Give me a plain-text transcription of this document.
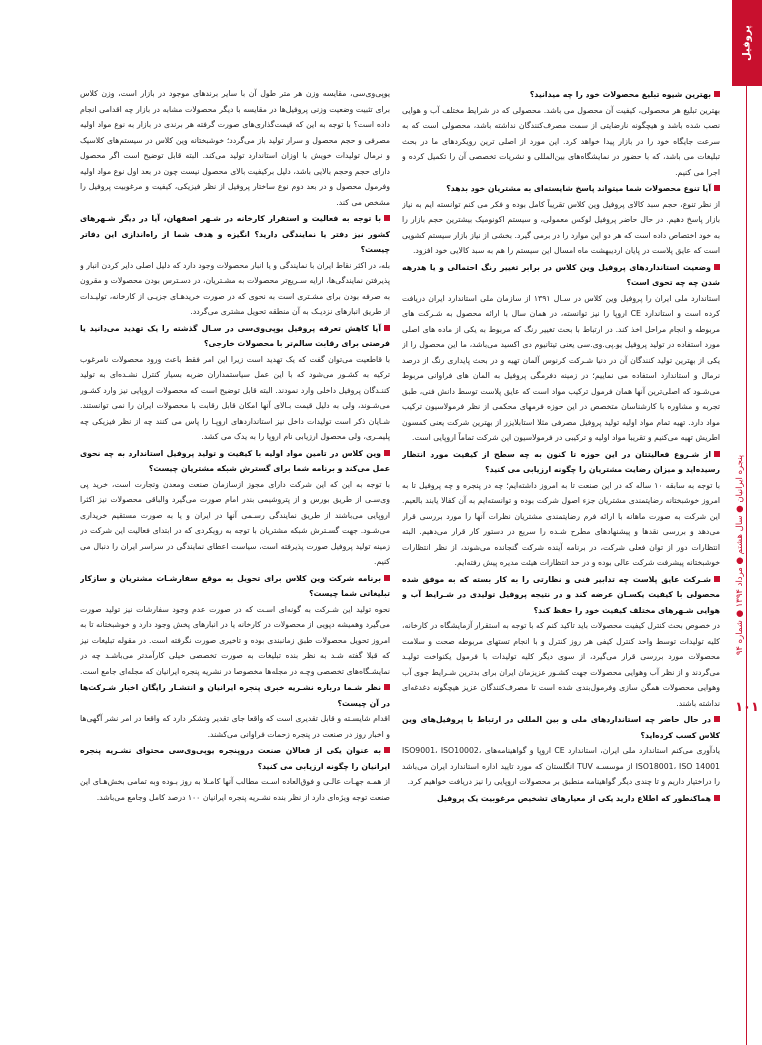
پروفیل
پنجره ایرانیان ● سال هشتم ● مرداد ۱۳۹۴ ● شماره ۹۴
۱۰۱
بهترین شیوه تبلیغ محصولات خود را چه میدانید؟
بهترین تبلیغ هر محصولی، کیفیت آن محصول می باشد. محصولی که در شرایط مختلف آب و هوایی نصب شده باشد و هیچگونه نارضایتی از سمت مصرف‌کنندگان نداشته باشد، محصولی است که به سرعت جایگاه خود را در بازار پیدا خواهد کرد. این مورد از اصلی ترین رویکردهای ما در بحث تبلیغات می باشد، که با حضور در نمایشگاه‌های بین‌المللی و نشریات تخصصی آن را تکمیل کرده و اجرا می کنیم.
آیا تنوع محصولات شما میتواند پاسخ شایسته‌ای به مشتریان خود بدهد؟
از نظر تنوع، حجم سبد کالای پروفیل وین کلاس تقریباً کامل بوده و فکر می کنم توانسته ایم به نیاز بازار پاسخ دهیم. در حال حاضر پروفیل لوکس معمولی، و سیستم اکونومیک بیشترین حجم بازار را به خود اختصاص داده است که هر دو این موارد را در برمی گیرد. بخشی از نیاز بازار سیستم کشویی است که عایق پلاست در پایان اردیبهشت ماه امسال این سیستم را هم به سبد کالایی خود افزود.
وضعیت استانداردهای پروفیل وین کلاس در برابر تغییر رنگ احتمالی و یا هدرهه شدن چه چه تحوی است؟
استاندارد ملی ایران را پروفیل وین کلاس در سـال ۱۳۹۱ از سازمان ملی استاندارد ایران دریافت کرده است و استاندارد CE اروپا را نیز توانسته، در همان سال با ارائه محصول به شـرکت های مربوطه و انجام مراحل اخذ کند. در ارتباط با بحث تغییر رنگ که مربوط به یکی از ماده های اصلی مورد استفاده در تولید پروفیل یو.پی.وی.سی یعنی تیتانیوم دی اکسید می‌باشد، ما این محصول را از یکی از بهترین تولید کنندگان آن در دنیا شـرکت کرنوس آلمان تهیه و در بحث پایداری رنگ از درصد نرمال و استاندارد استفاده می نماییم؛ در زمینه دفرمگی پروفیل به المان های فراوانی مربوط می‌شـود که اصلی‌ترین آنها همان فرمول ترکیب مواد است که عایق پلاست توسط دانش فنی، طبق تجربه و مشاوره با کارشناسان متخصص در این حوزه فرمهای محکمی از نظر فرمولاسیون ترکیب مواد دارد. تهیه تمام مواد اولیه تولید پروفیل مصرفی مثلا استابلایزر از بهترین شرکت یعنی کمسون اطریش تهیه می‌کنیم و تقریبا مواد اولیه و ترکیبی در فرمولاسیون این شرکت تماماً اروپایی است.
از شـروع فعالیتتان در این حوزه تا کنون به چه سطح از کیفیت مورد انتظار رسیده‌اید و میزان رضایت مشتریان را چگونه ارزیابی می کنید؟
با توجه به سابقه ۱۰ ساله که در این صنعت تا به امروز داشته‌ایم؛ چه در پنجره و چه پروفیل تا به امروز خوشبختانه رضایتمندی مشتریان جزء اصول شرکت بوده و توانسته‌ایم به آن کفالا یابند بالعیم. این شرکت به صورت ماهانه با ارائه فرم رضایتمندی مشتریان نظرات آنها را مورد بررسی قرار می‌دهد و بررسی نقدها و پیشنهادهای مطرح شـده را سریع در دستور کار قرار می‌دهیم. البته انتظارات دور از توان فعلی شرکت، در برنامه آینده شرکت گنجانده می‌شوند، از نظر انتظارات خوشبختانه پیشرفت شرکت عالی بوده و در حد انتظارات هیئت مدیره پیش رفته‌ایم.
شـرکت عایق پلاست چه تدابیر فنی و نظارتی را به کار بسته که به موفق شده محصولی با کیفیت یکسـان عرضه کند و در نتیجه پروفیل تولیدی در شـرایط آب و هوایی شـهرهای مختلف کیفیت خود را حفظ کند؟
در خصوص بحث کنترل کیفیت محصولات باید تاکید کنم که با توجه به استقرار آزمایشگاه در کارخانه، کلیه تولیدات توسط واحد کنترل کیفی هر روز کنترل و با انجام تستهای مربوطه صحت و سلامت محصولات مورد بررسی قرار می‌گیرد، از سوی دیگر کلیه تولیدات با فرمول یکنواخت تولیـد می‌گردند و از نظر آب وهوایی محصولات جهت کشـور عزیزمان ایران برای بدترین شـرایط جوی آب وهوایی محصولات همگن سازی وفرمول‌بندی شده است تا مصرف‌کنندگان عزیز هیچگونه دغدغه‌ای نداشته باشند.
در حال حاضر چه استانداردهای ملی و بین المللی در ارتباط با پروفیل‌های وین کلاس کسب کرده‌اید؟
یادآوری می‌کنم استاندارد ملی ایران، استاندارد CE اروپا و گواهینامه‌های ISO9001، ISO10002، ISO18001، ISO 14001 از موسسـه TUV انگلستان که مورد تایید اداره استاندارد ایران می‌باشد را دراختیار داریم و تا چندی دیگر گواهینامه منطبق بر محصولات اروپایی را نیز دریافت خواهیم کرد.
هماکنطور که اطلاع دارید یکی از معیارهای تشخیص مرغوبیت یک پروفیل
یوپی‌وی‌سی، مقایسه وزن هر متر طول آن با سایر برندهای موجود در بازار است، وزن کلاس برای تثبیت وضعیت وزنی پروفیل‌ها در مقایسه با دیگر محصولات مشابه در بازار چه اقدامی انجام داده است؟ با توجه به این که قیمت‌گذاری‌های صورت گرفته هر برندی در بازار به نوع مواد اولیه مصرفی و حجم محصول و سرار تولید باز می‌گردد؛ خوشبختانه وین کلاس در سیستم‌های کلاسیک و نرمال تولیدات خویش با اوزان استاندارد تولید می‌کند. البته قابل توضیح است اگر محصول دارای حجم وحجم بالایی باشد، دلیل برکیفیت بالای محصول نیست چون در بعد اول نوع مواد اولیه وفرمول محصول و در بعد دوم نوع ساختار پروفیل از نظر فیزیکی، کیفیت و مرغوبیت پروفیل را مشخص می کند.
با توجه به فعالیت و استقرار کارخانه در شـهر اصفهان، آیا در دیگر شـهرهای کشور نیز دفتر یا نمایندگی دارید؟ انگیزه و هدف شما از راه‌اندازی این دفاتر چیست؟
بله، در اکثر نقاط ایران با نمایندگی و یا انبار محصولات وجود دارد که دلیل اصلی دایر کردن انبار و پذیرفتن نمایندگی‌ها، ارایه سـریع‌تر محصولات به مشـتریان، در دسـترس بودن محصولات و مقرون به صرفه بودن برای مشـتری است به نحوی که در صورت خرید‌هـای جزیـی از کارخانه، تولیـدات از طریق انبارهای نزدیـک به آن منطقه تحویل مشتری می‌گردد.
آیا کاهش تعرفه پروفیل یوپی‌وی‌سی در سـال گذشته را یک تهدید می‌دانید یا فرصتی برای رقابت سالم‌تر با محصولات خارجی؟
با قاطعیت می‌توان گفت که یک تهدید است زیرا این امر فقط باعث ورود محصولات نامرغوب ترکیه به کشـور می‌شود که با این عمل سیاستمداران ضربه بسیار کنترل نشـده‌ای به تولید کننـدگان پروفیل داخلی وارد نمودند. البته قابل توضیح است که محصولات اروپایی نیز وارد کشـور می‌شـوند، ولی به دلیل قیمت بـالای آنها امکان قابل رقابت با محصولات ایران را نمی توانستند. شـایان ذکر است تولیدات داخل نیز استانداردهای اروپـا را پاس می کنند چه از نظر فیزیکی چه پلیمـری، ولی محصول ارزیابی نام اروپا را به یدک می کشد.
وین کلاس در تامین مواد اولیه با کیفیت و تولید پروفیل استاندارد به چه نحوی عمل می‌کند و برنامه شما برای گسترش شبکه مشتریان چیست؟
با توجه به این که این شرکت دارای مجوز ازسازمان صنعت ومعدن وتجارت است، خرید پی وی‌سـی از طریق بورس و از پتروشیمی بندر امام صورت می‌گیرد والباقی محصولات نیز اکثرا اروپایی می‌باشند از طریق نمایندگی رسـمی آنها در ایران و یا به صورت مستقیم خریداری می‌شـود. جهت گسـترش شبکه مشتریان با توجه به رویکردی که در ابتدای فعالیت این شرکت در زمینه تولید پروفیل صورت پذیرفته است، سیاست اعطای نمایندگی در سراسر ایران را دنبال می کنیم.
برنامه شرکت وین کلاس برای تحویل به موقع سفارشـات مشتریان و سازکار تبلیغاتی شما چیست؟
نحوه تولید این شـرکت به گونه‌ای اسـت که در صورت عدم وجود سفارشات نیز تولید صورت می‌گیرد وهمیشه دپویی از محصولات در کارخانه یا در انبارهای پخش وجود دارد و خوشبختانه تا به امروز تحویل محصولات طبق زمانبندی بوده و تاخیری صورت نگرفته است. در مقوله تبلیغات نیز که قبلا گفته شـد به نظر بنده تبلیغات به صورت تخصصی خیلی کارآمدتر می‌باشـد چه در نمایشـگاه‌های تخصصی وچـه در مجله‌ها مخصوصا در نشریه پنجره ایرانیان که مجله‌ای جامع است.
نظر شـما درباره نشـریه خبری پنجره ایرانیان و انتشـار رایگان اخبار شـرکت‌ها در آن چیست؟
اقدام شایسـته و قابل تقدیری است که واقعا جای تقدیر وتشکر دارد که واقعا در امر نشر آگهی‌ها و اخبار روز در صنعت در پنجره زحمات فراوانی می‌کشند.
به عنوان یکی از فعالان صنعت درو‌پنجره یوپی‌وی‌سی محتوای نشـریه پنجره ایرانیان را چگونه ارزیابی می کنید؟
از همـه جهـات عالـی و فوق‌العاده اسـت مطالب آنها کامـلا به روز بـوده وبه تمامی بخش‌هـای این صنعت توجه ویژه‌ای دارد از نظر بنده نشـریه پنجره ایرانیان ۱۰۰ درصد کامل وجامع می‌باشد.
